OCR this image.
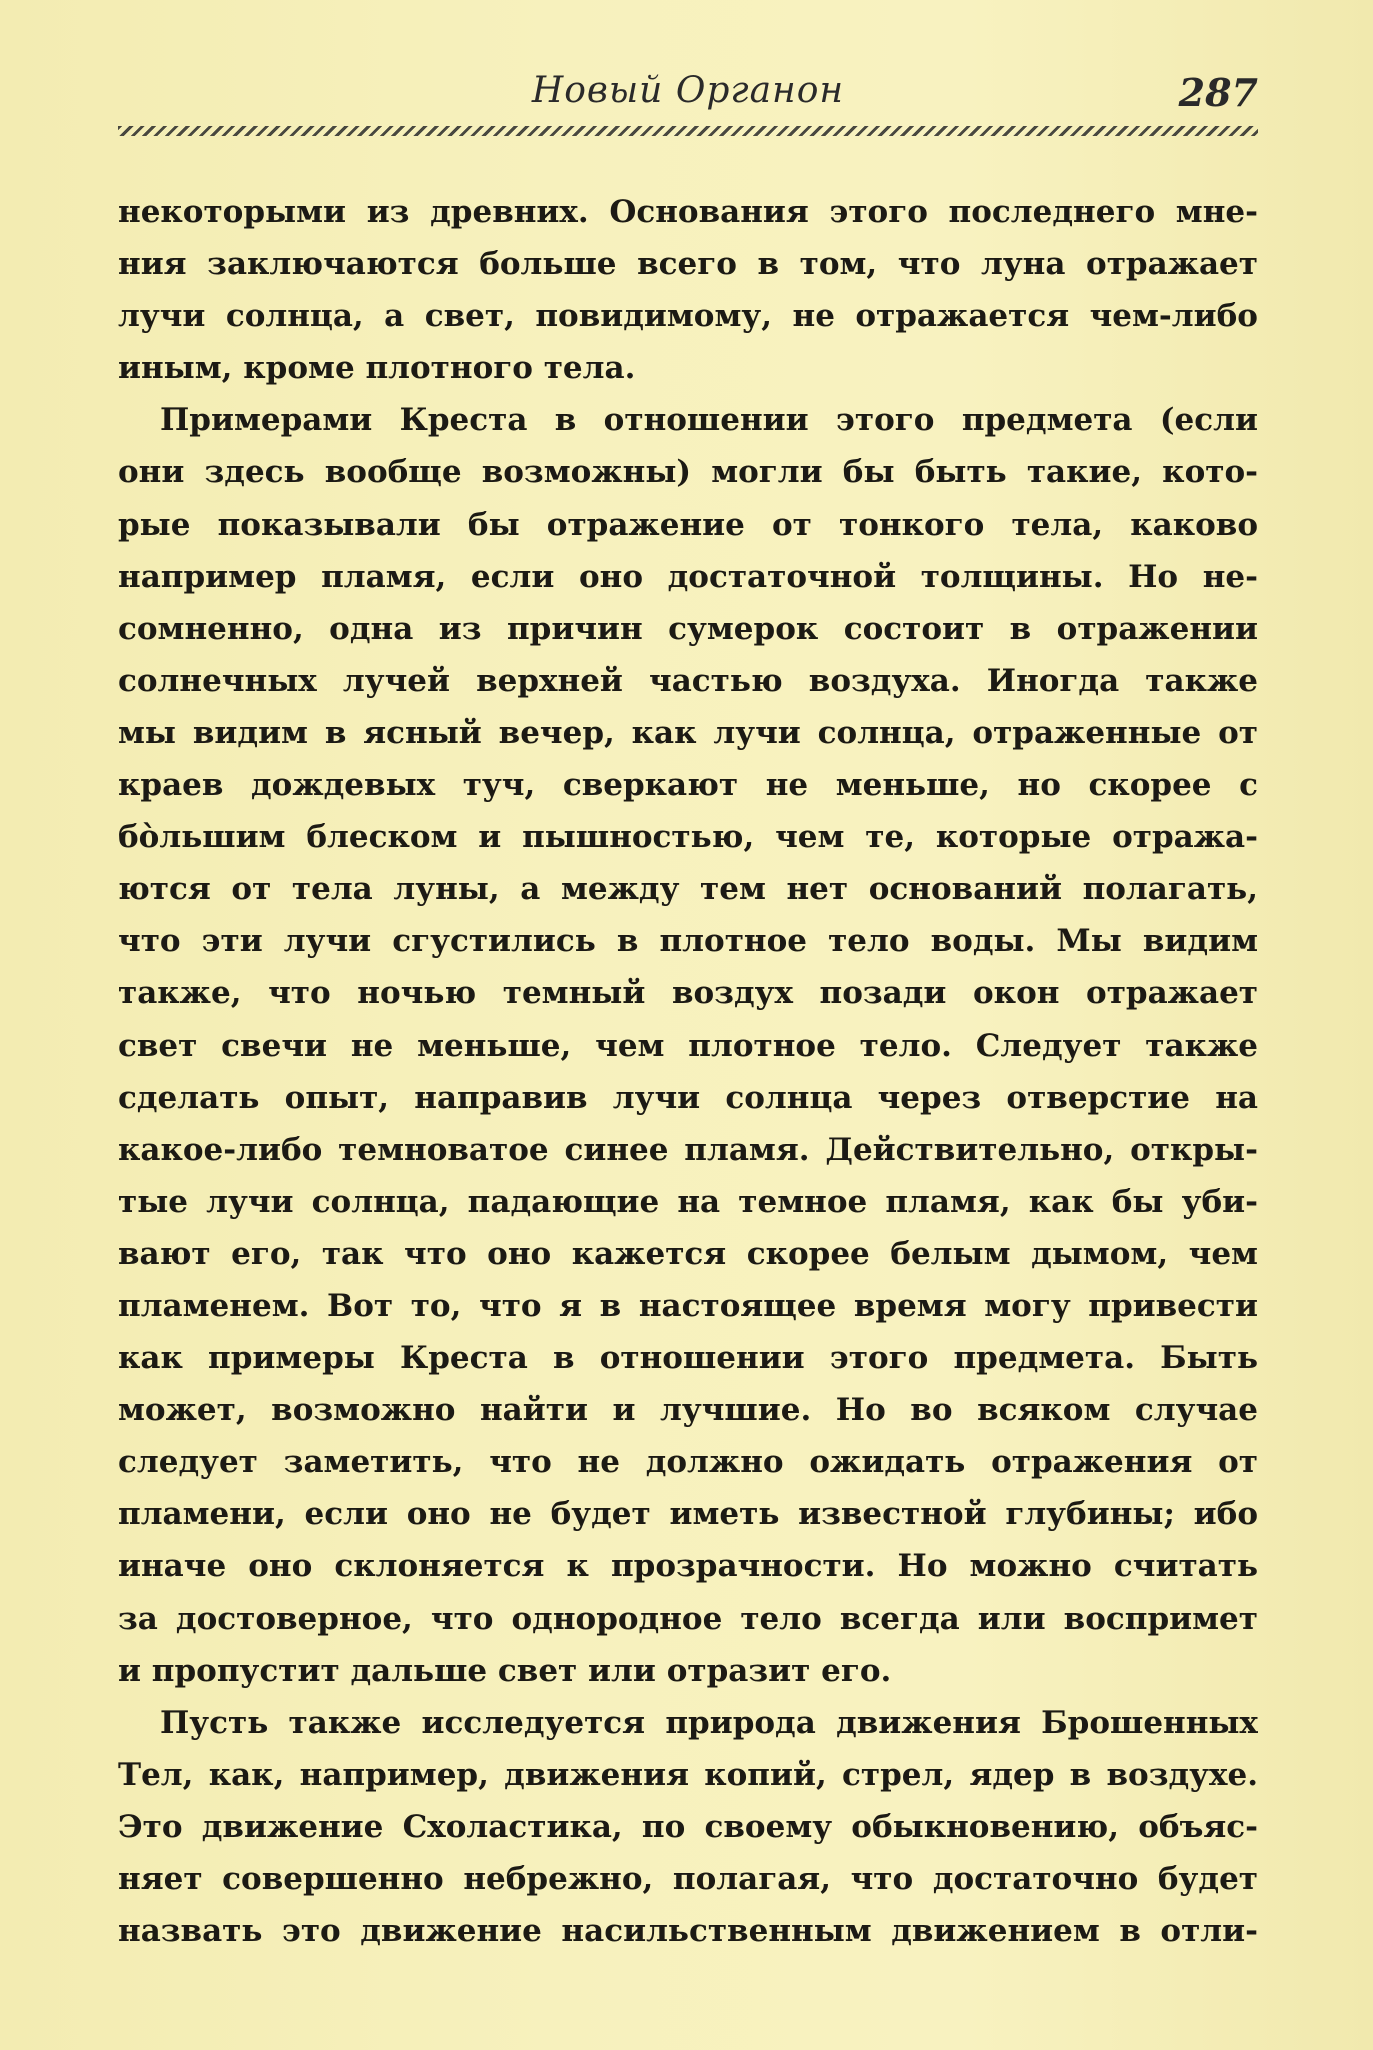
Новый Органон	287
некоторыми из древних. Основания этого последнего мне-
ния заключаются больше всего в том, что луна отражает
лучи солнца, а свет, повидимому, не отражается чем-либо
иным, кроме плотного тела.
Примерами Креста в отношении этого предмета (если
они здесь вообще возможны) могли бы быть такие, кото-
рые показывали бы отражение от тонкого тела, каково
например пламя, если оно достаточной толщины. Но не-
сомненно, одна из причин сумерок состоит в отражении
солнечных лучей верхней частью воздуха. Иногда также
мы видим в ясный вечер, как лучи солнца, отраженные от
краев дождевых туч, сверкают не меньше, но скорее с
бо̀льшим блеском и пышностью, чем те, которые отража-
ются от тела луны, а между тем нет оснований полагать,
что эти лучи сгустились в плотное тело воды. Мы видим
также, что ночью темный воздух позади окон отражает
свет свечи не меньше, чем плотное тело. Следует также
сделать опыт, направив лучи солнца через отверстие на
какое-либо темноватое синее пламя. Действительно, откры-
тые лучи солнца, падающие на темное пламя, как бы уби-
вают его, так что оно кажется скорее белым дымом, чем
пламенем. Вот то, что я в настоящее время могу привести
как примеры Креста в отношении этого предмета. Быть
может, возможно найти и лучшие. Но во всяком случае
следует заметить, что не должно ожидать отражения от
пламени, если оно не будет иметь известной глубины; ибо
иначе оно склоняется к прозрачности. Но можно считать
за достоверное, что однородное тело всегда или воспримет
и пропустит дальше свет или отразит его.
Пусть также исследуется природа движения Брошенных
Тел, как, например, движения копий, стрел, ядер в воздухе.
Это движение Схоластика, по своему обыкновению, объяс-
няет совершенно небрежно, полагая, что достаточно будет
назвать это движение насильственным движением в отли-
